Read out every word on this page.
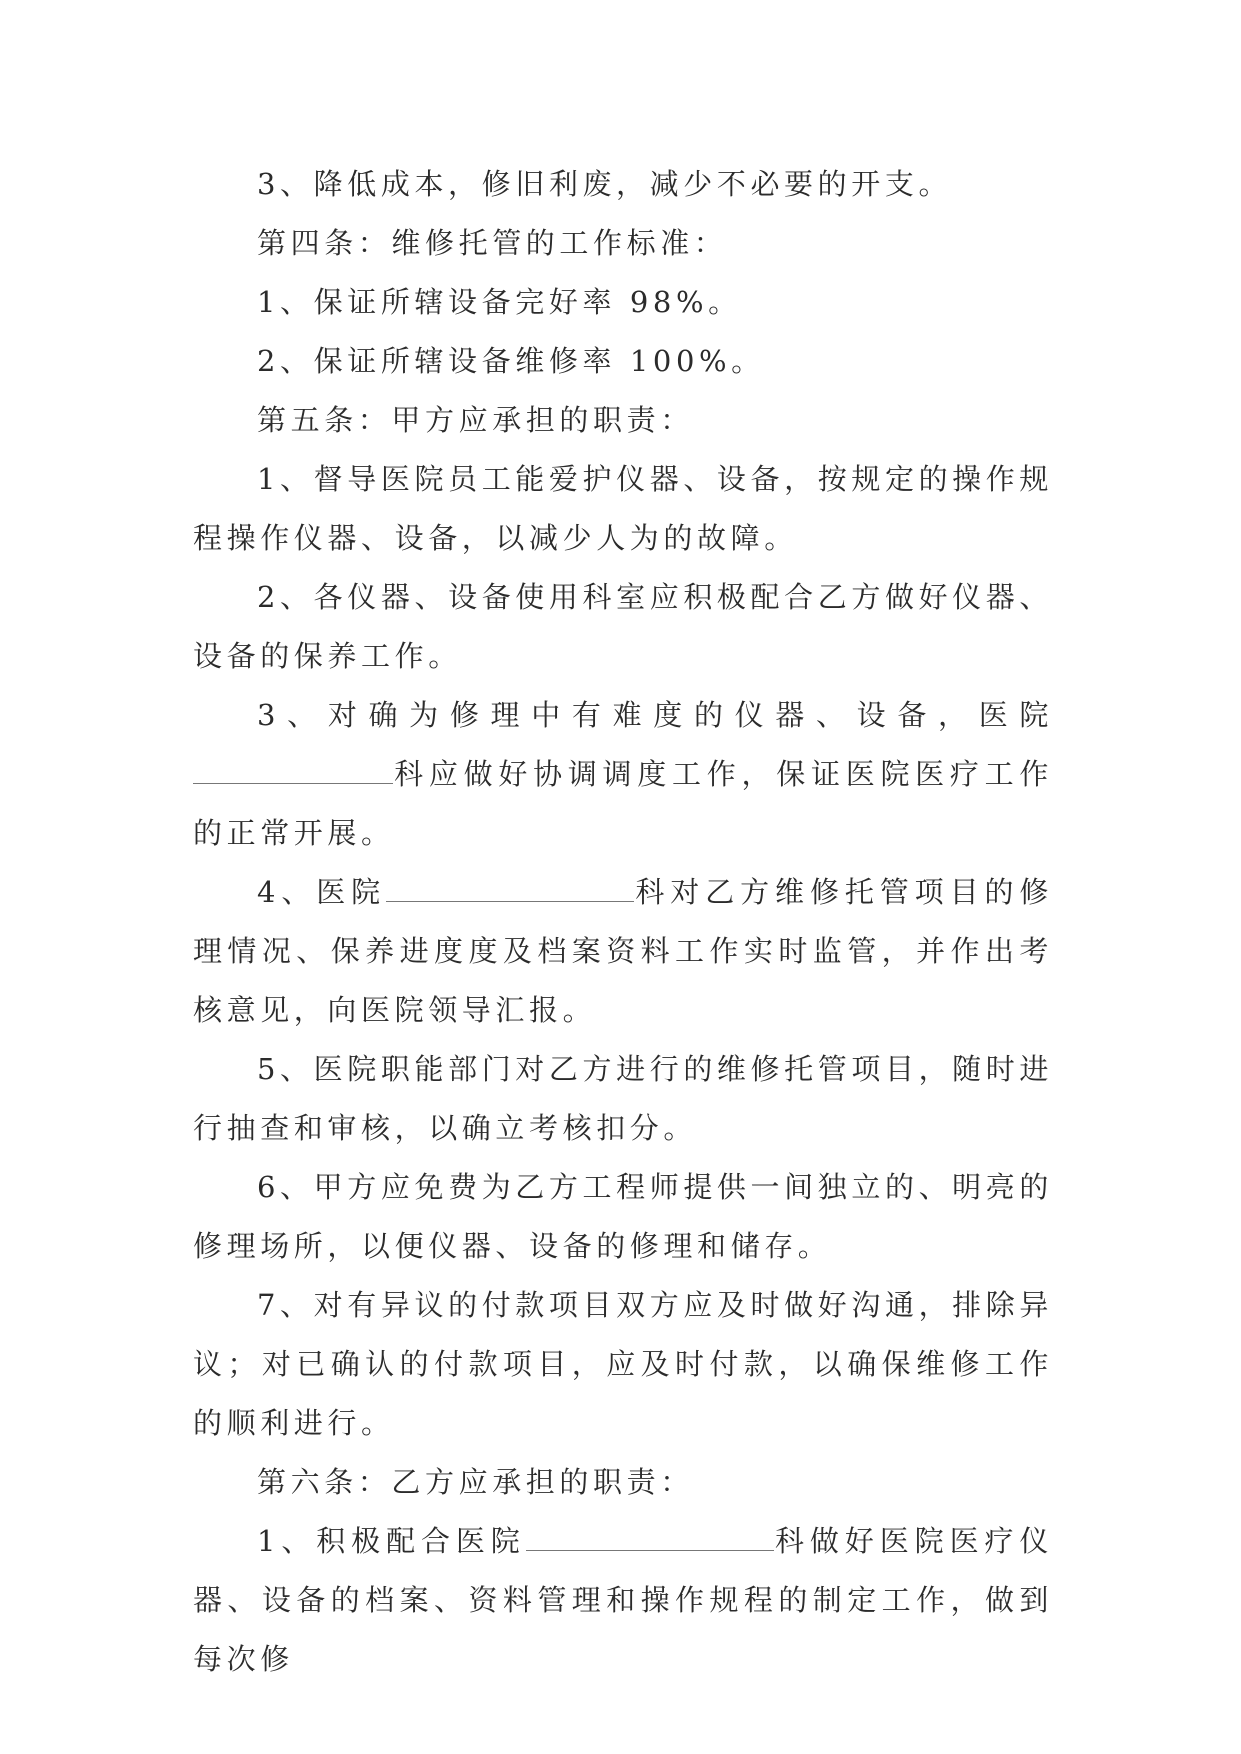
3、降低成本，修旧利废，减少不必要的开支。

第四条：维修托管的工作标准：

1、保证所辖设备完好率 98%。

2、保证所辖设备维修率 100%。

第五条：甲方应承担的职责：

1、督导医院员工能爱护仪器、设备，按规定的操作规程操作仪器、设备，以减少人为的故障。

2、各仪器、设备使用科室应积极配合乙方做好仪器、设备的保养工作。

3、对确为修理中有难度的仪器、设备，医院科应做好协调调度工作，保证医院医疗工作的正常开展。

4、医院	科对乙方维修托管项目的修理情况、保养进度度及档案资料工作实时监管，并作出考核意见，向医院领导汇报。

5、医院职能部门对乙方进行的维修托管项目，随时进行抽查和审核，以确立考核扣分。

6、甲方应免费为乙方工程师提供一间独立的、明亮的修理场所，以便仪器、设备的修理和储存。

7、对有异议的付款项目双方应及时做好沟通，排除异议；对已确认的付款项目，应及时付款，以确保维修工作的顺利进行。

第六条：乙方应承担的职责：

1、积极配合医院	科做好医院医疗仪器、设备的档案、资料管理和操作规程的制定工作，做到每次修
